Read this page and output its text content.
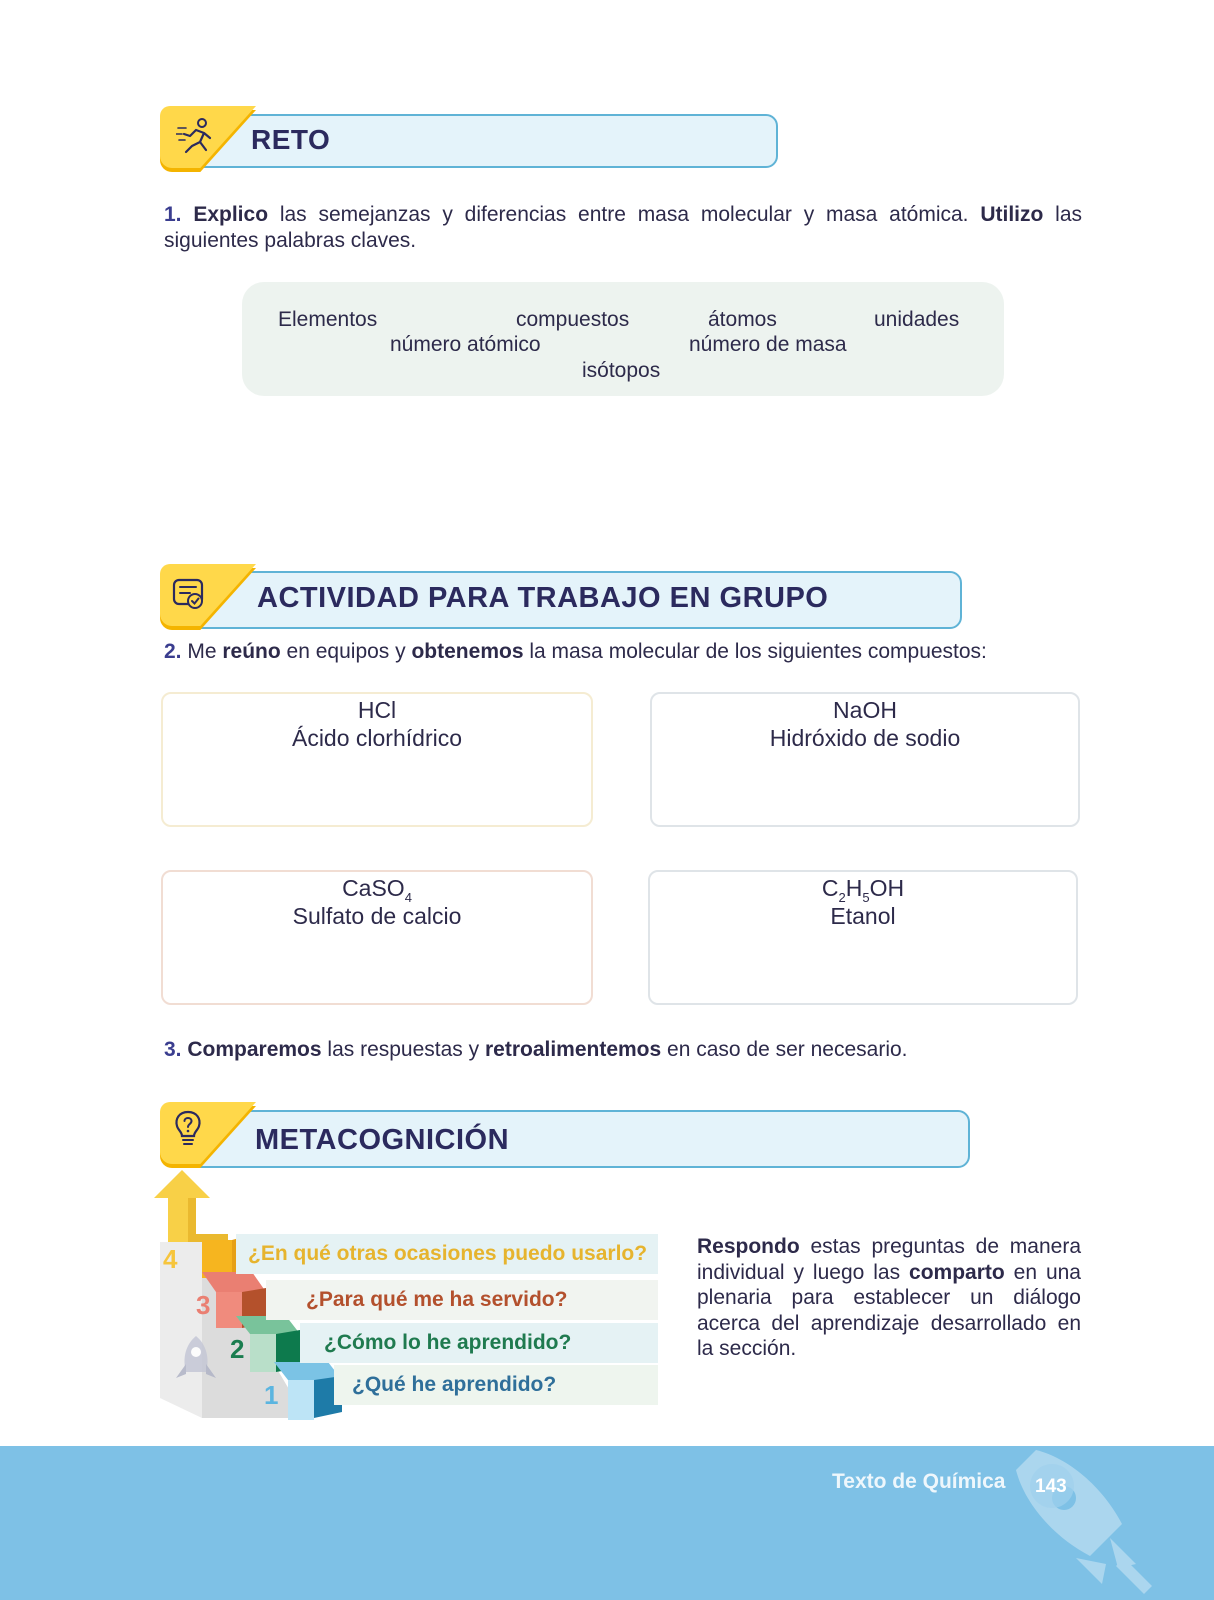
RETO
1. Explico las semejanzas y diferencias entre masa molecular y masa atómica. Utilizo las siguientes palabras claves.
Elementos	compuestos	átomos	unidades
número atómico	número de masa
isótopos
ACTIVIDAD PARA TRABAJO EN GRUPO
2. Me reúno en equipos y obtenemos la masa molecular de los siguientes compuestos:
HCl
Ácido clorhídrico
NaOH
Hidróxido de sodio
CaSO$_4$
Sulfato de calcio
$C_2H_5OH$
Etanol
3. Comparemos las respuestas y retroalimentemos en caso de ser necesario.
METACOGNICIÓN
4
3
2
1
¿En qué otras ocasiones puedo usarlo?
¿Para qué me ha servido?
¿Cómo lo he aprendido?
¿Qué he aprendido?
Respondo estas preguntas de manera individual y luego las comparto en una plenaria para establecer un diálogo acerca del aprendizaje desarrollado en la sección.
Texto de Química 143
